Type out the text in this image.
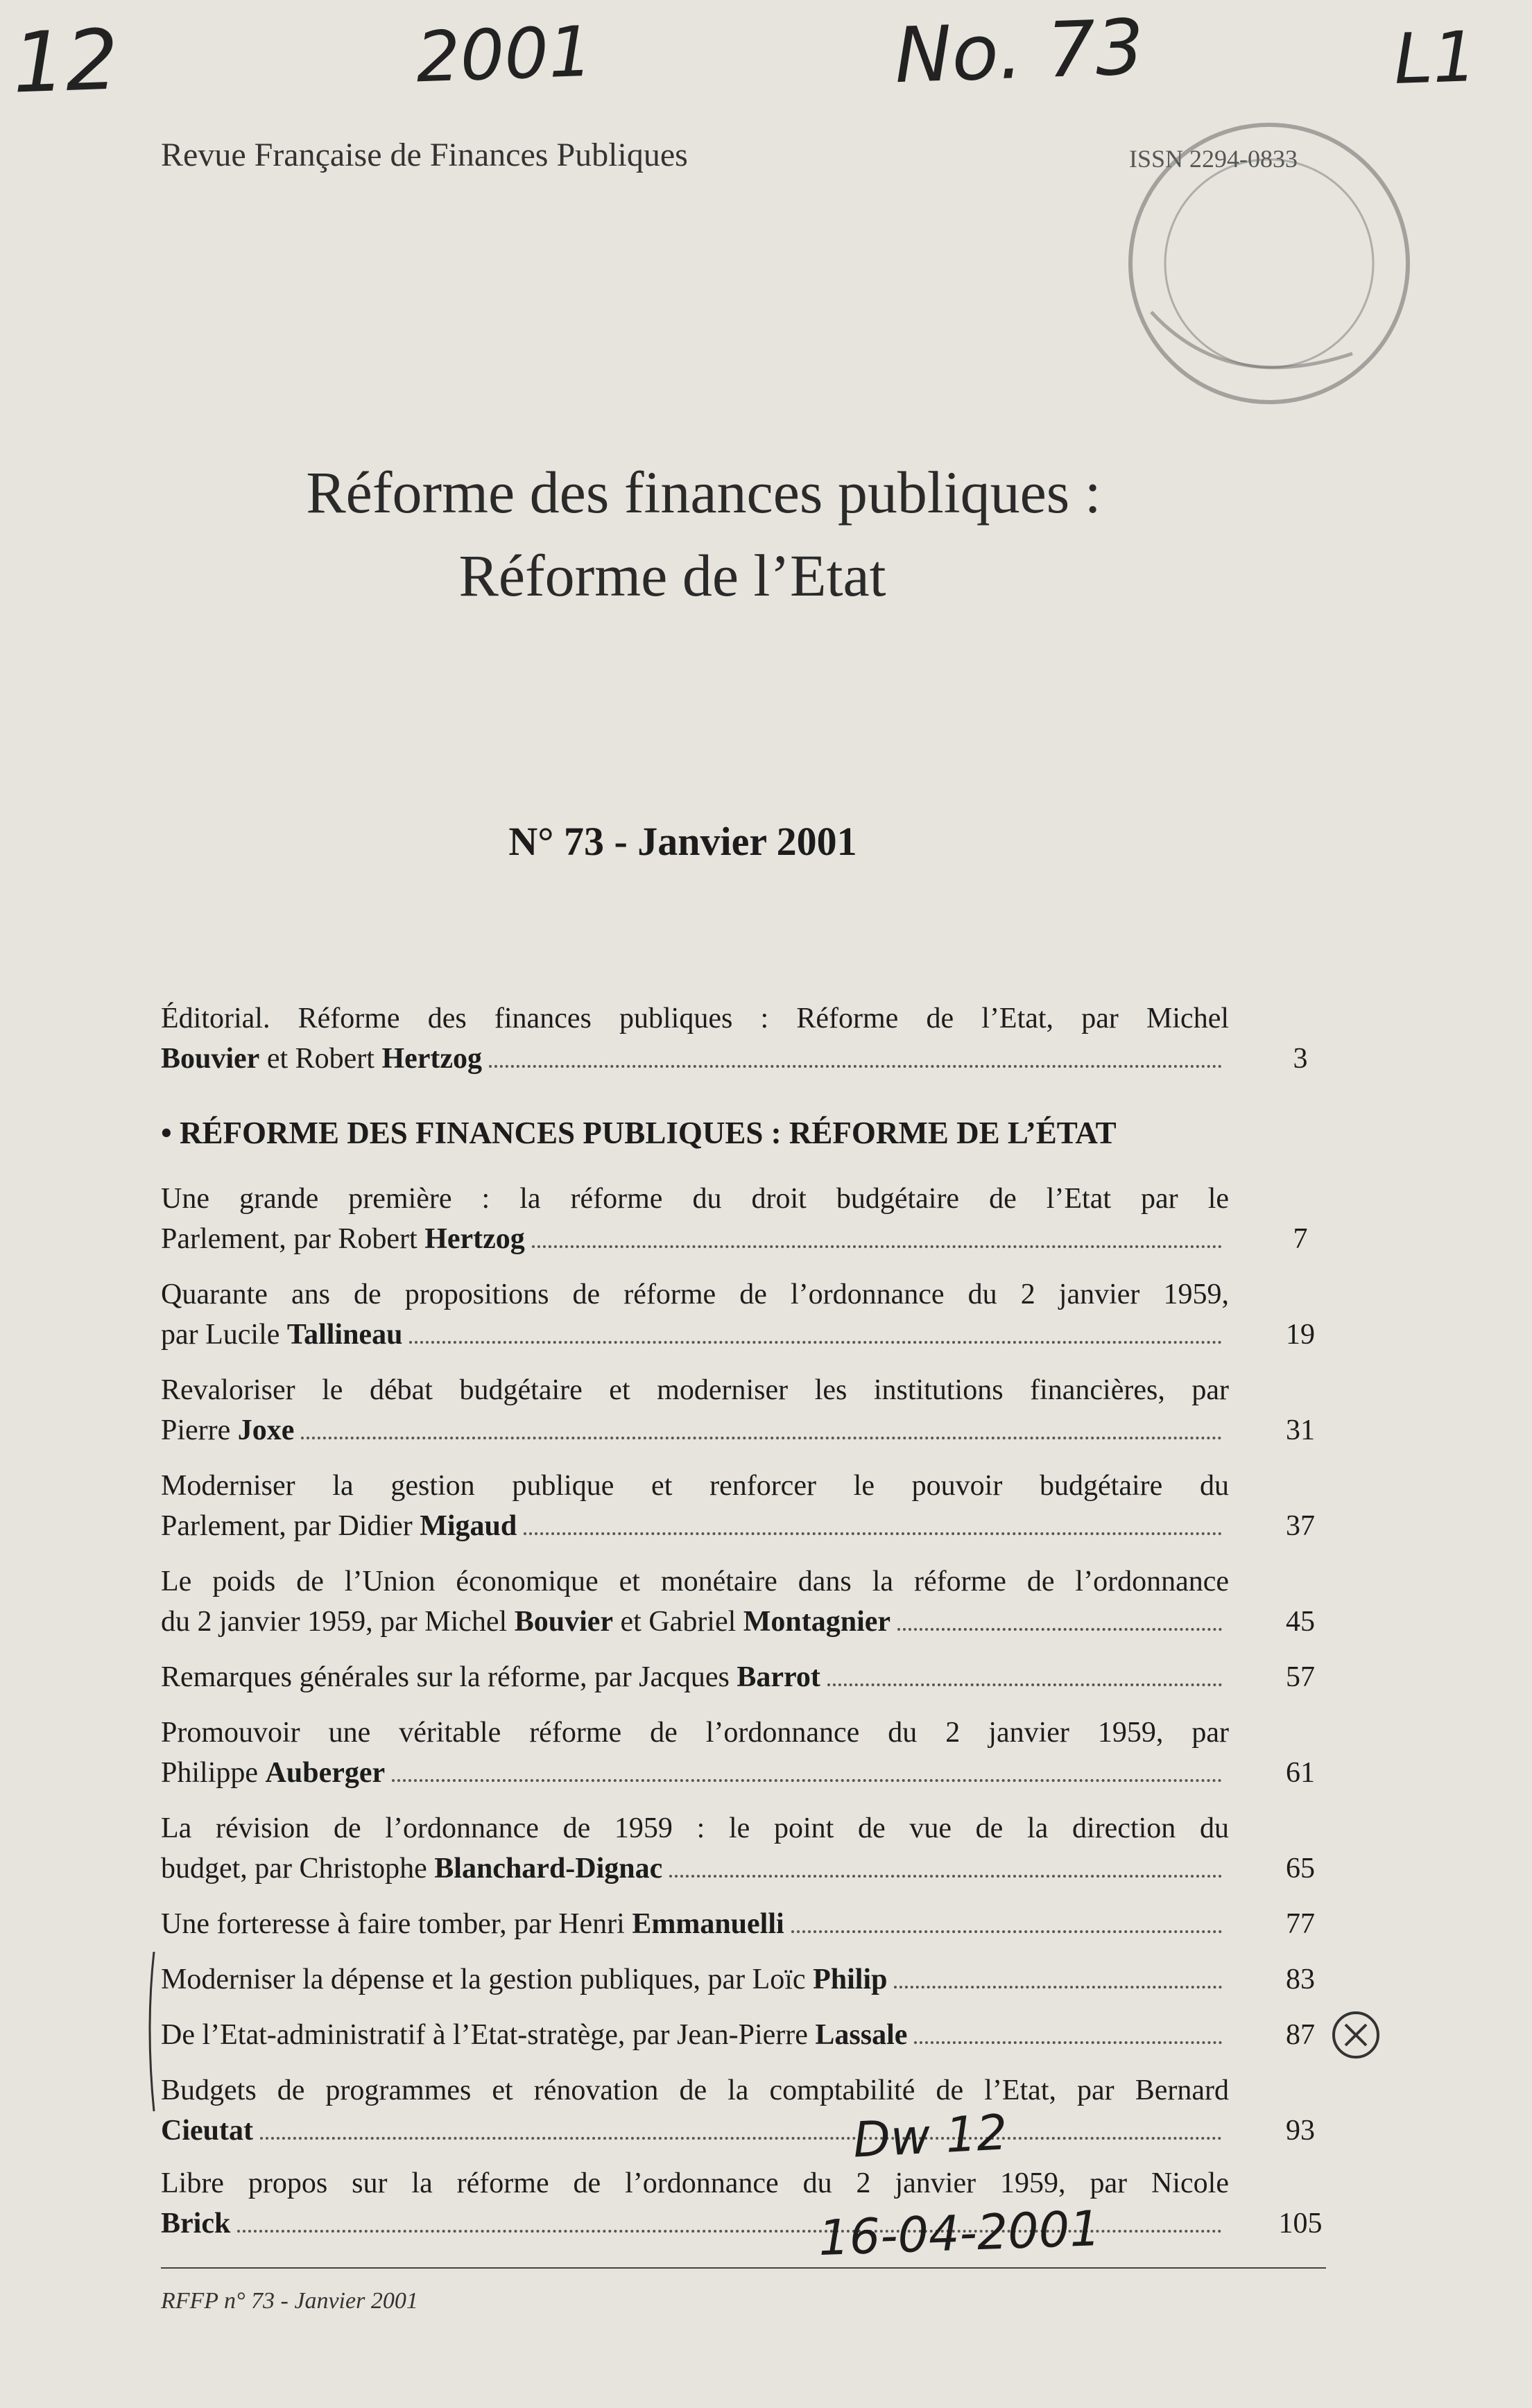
12	2001	No. 73	L1
Revue Française de Finances Publiques	ISSN 2294-0833
Réforme des finances publiques :
Réforme de l’Etat
N° 73 - Janvier 2001
Éditorial. Réforme des finances publiques : Réforme de l’Etat, par Michel
Bouvier et Robert Hertzog	3
• RÉFORME DES FINANCES PUBLIQUES : RÉFORME DE L’ÉTAT
Une grande première : la réforme du droit budgétaire de l’Etat par le
Parlement, par Robert Hertzog	7
Quarante ans de propositions de réforme de l’ordonnance du 2 janvier 1959,
par Lucile Tallineau	19
Revaloriser le débat budgétaire et moderniser les institutions financières, par
Pierre Joxe	31
Moderniser la gestion publique et renforcer le pouvoir budgétaire du
Parlement, par Didier Migaud	37
Le poids de l’Union économique et monétaire dans la réforme de l’ordonnance
du 2 janvier 1959, par Michel Bouvier et Gabriel Montagnier	45
Remarques générales sur la réforme, par Jacques Barrot	57
Promouvoir une véritable réforme de l’ordonnance du 2 janvier 1959, par
Philippe Auberger	61
La révision de l’ordonnance de 1959 : le point de vue de la direction du
budget, par Christophe Blanchard-Dignac	65
Une forteresse à faire tomber, par Henri Emmanuelli	77
Moderniser la dépense et la gestion publiques, par Loïc Philip	83
De l’Etat-administratif à l’Etat-stratège, par Jean-Pierre Lassale	87
Budgets de programmes et rénovation de la comptabilité de l’Etat, par Bernard
Cieutat	93
Libre propos sur la réforme de l’ordonnance du 2 janvier 1959, par Nicole
Brick	105
Dw 12
16-04-2001
RFFP n° 73 - Janvier 2001
